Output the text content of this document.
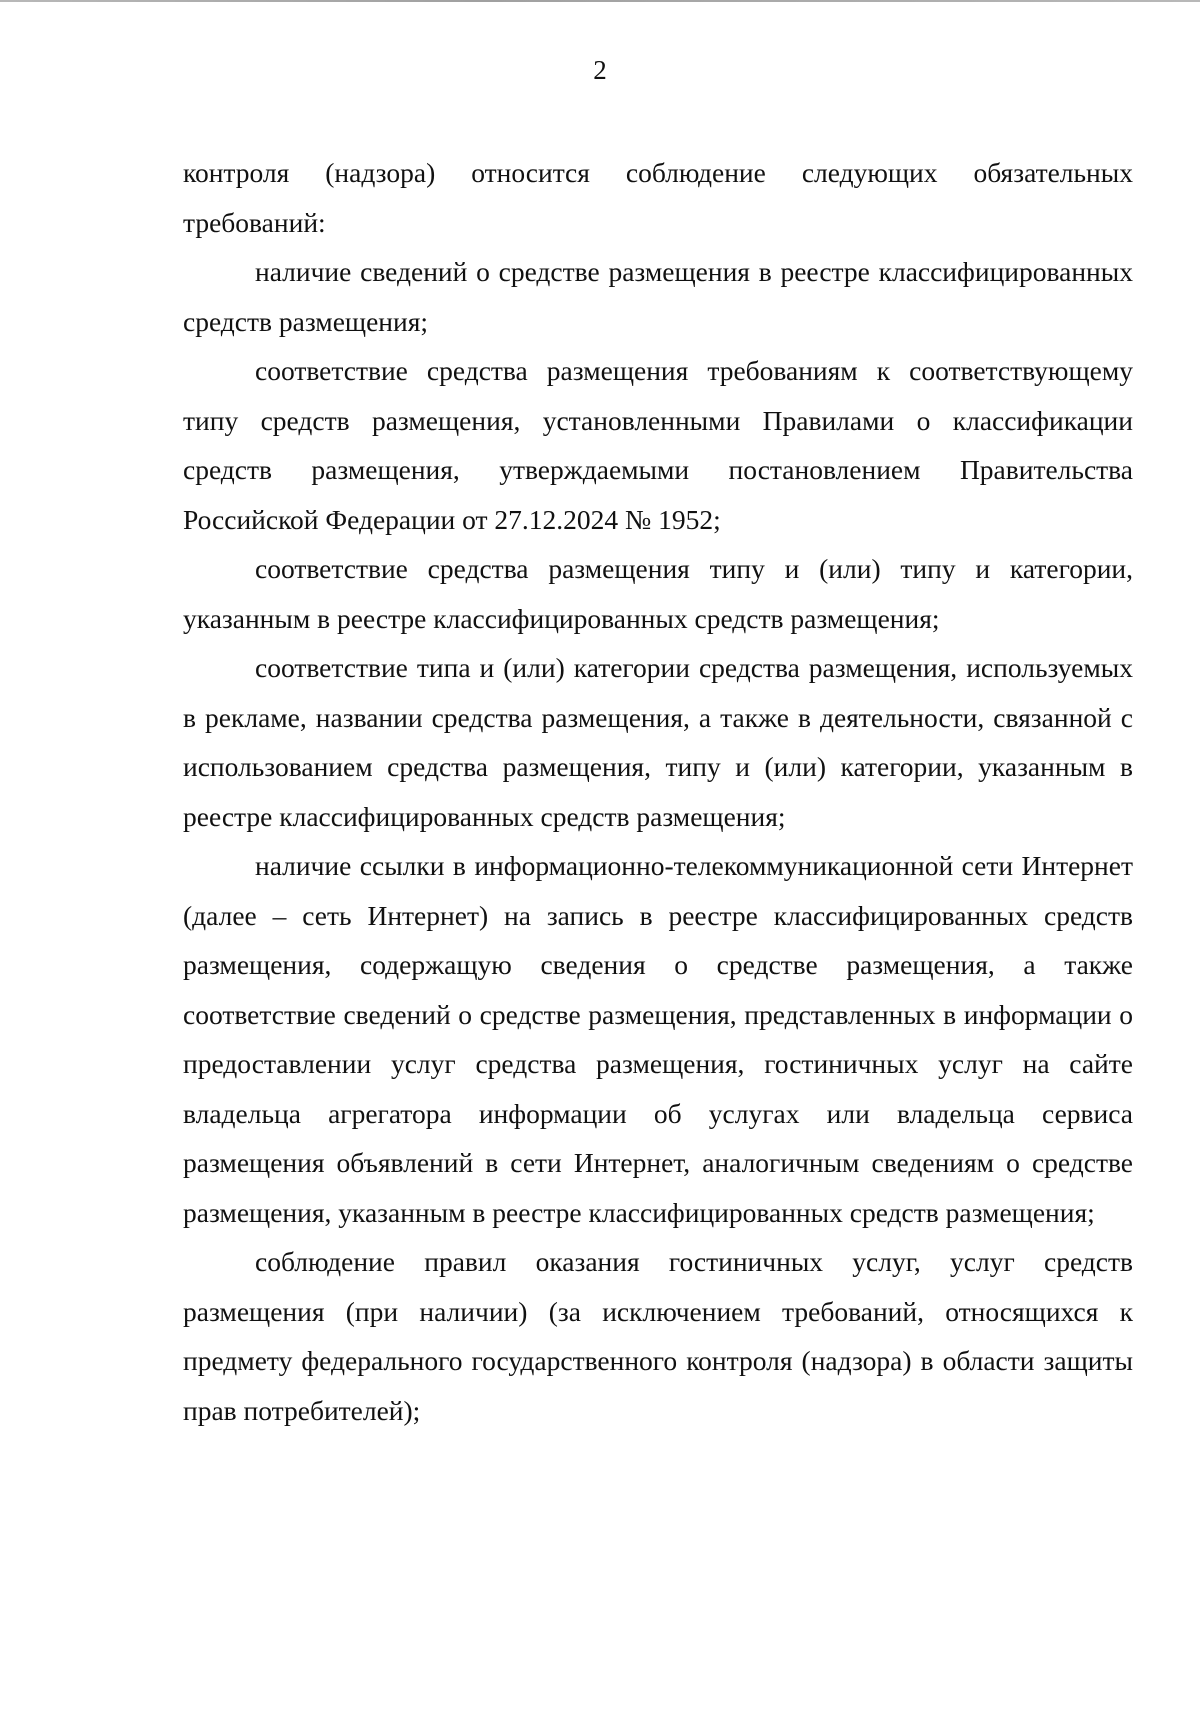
2

контроля (надзора) относится соблюдение следующих обязательных требований:

наличие сведений о средстве размещения в реестре классифицированных средств размещения;

соответствие средства размещения требованиям к соответствующему типу средств размещения, установленными Правилами о классификации средств размещения, утверждаемыми постановлением Правительства Российской Федерации от 27.12.2024 № 1952;

соответствие средства размещения типу и (или) типу и категории, указанным в реестре классифицированных средств размещения;

соответствие типа и (или) категории средства размещения, используемых в рекламе, названии средства размещения, а также в деятельности, связанной с использованием средства размещения, типу и (или) категории, указанным в реестре классифицированных средств размещения;

наличие ссылки в информационно-телекоммуникационной сети Интернет (далее – сеть Интернет) на запись в реестре классифицированных средств размещения, содержащую сведения о средстве размещения, а также соответствие сведений о средстве размещения, представленных в информации о предоставлении услуг средства размещения, гостиничных услуг на сайте владельца агрегатора информации об услугах или владельца сервиса размещения объявлений в сети Интернет, аналогичным сведениям о средстве размещения, указанным в реестре классифицированных средств размещения;

соблюдение правил оказания гостиничных услуг, услуг средств размещения (при наличии) (за исключением требований, относящихся к предмету федерального государственного контроля (надзора) в области защиты прав потребителей);
